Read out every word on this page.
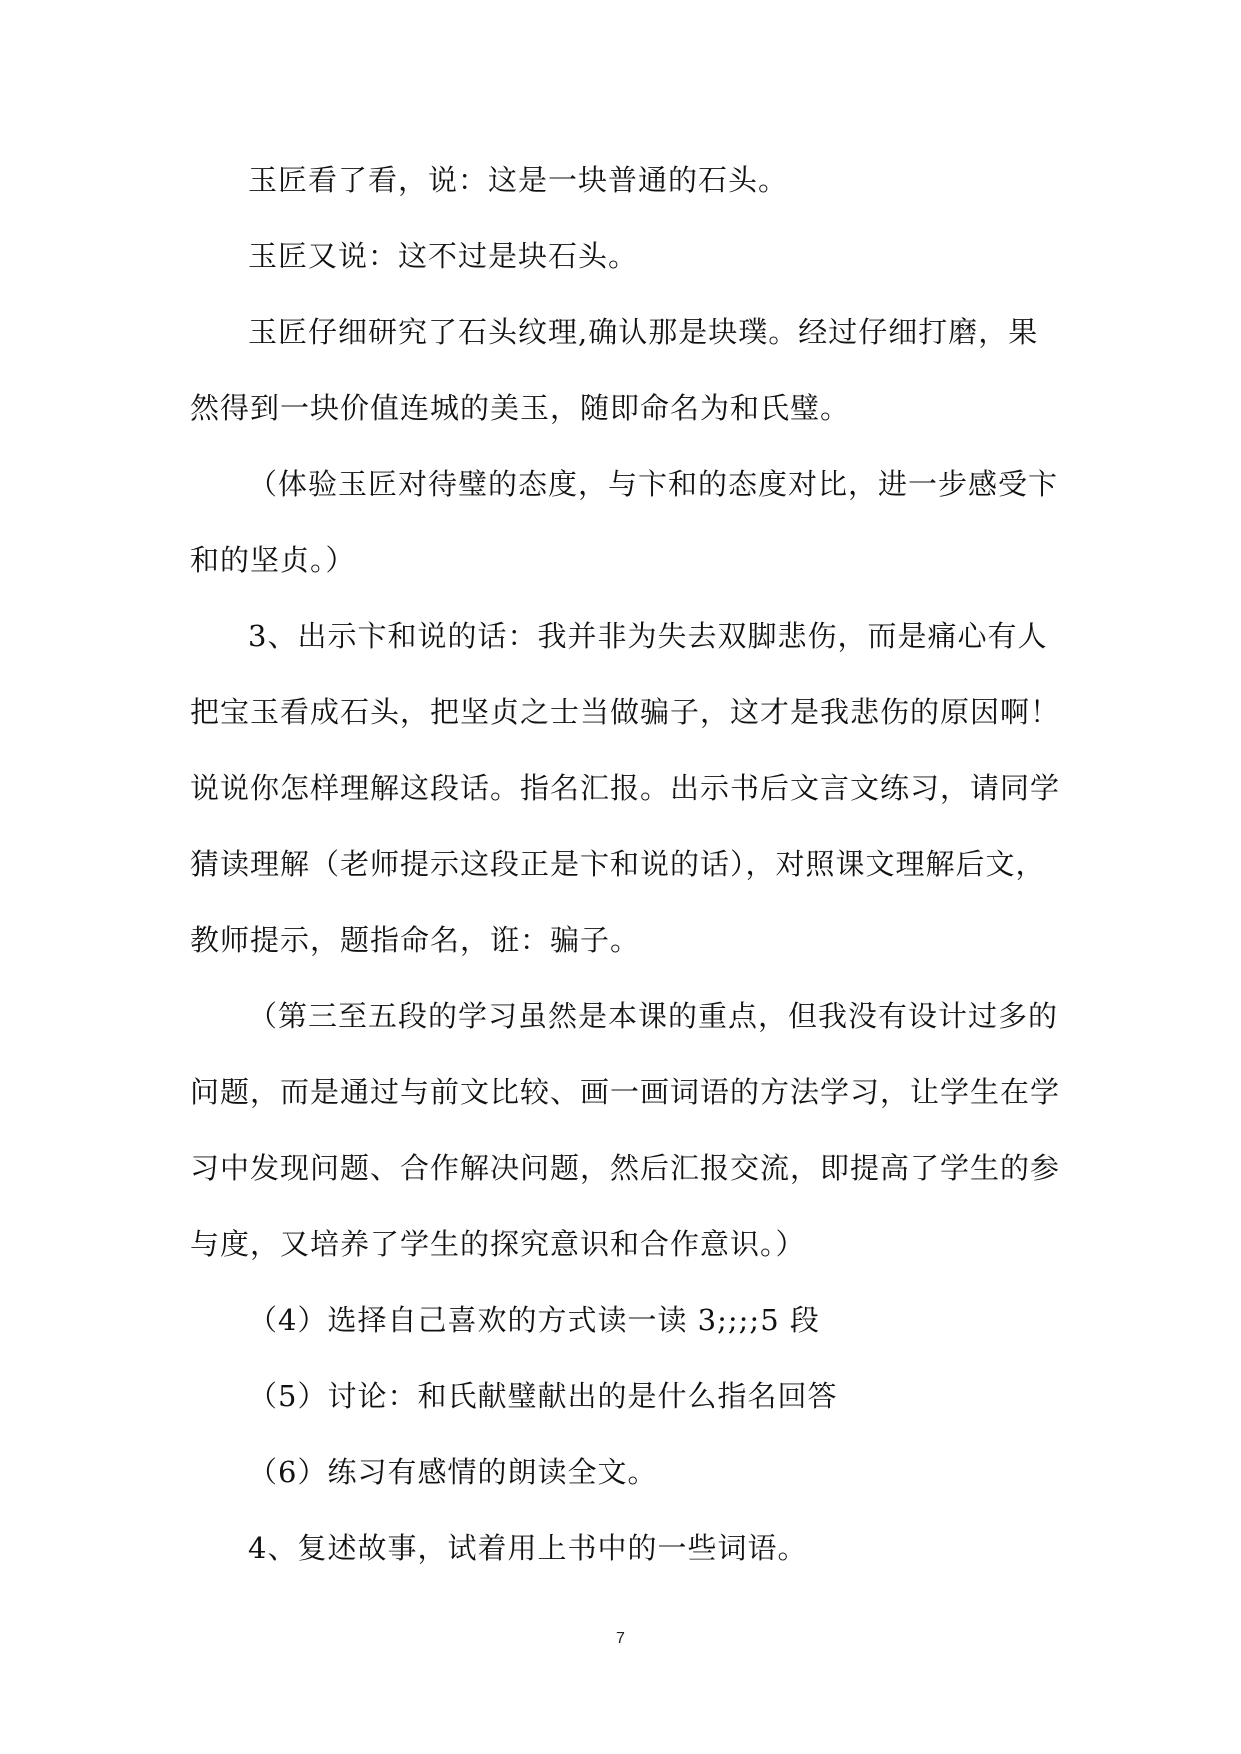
玉匠看了看，说：这是一块普通的石头。

玉匠又说：这不过是块石头。

玉匠仔细研究了石头纹理,确认那是块璞。经过仔细打磨，果然得到一块价值连城的美玉，随即命名为和氏璧。

（体验玉匠对待璧的态度，与卞和的态度对比，进一步感受卞和的坚贞。）

3、出示卞和说的话：我并非为失去双脚悲伤，而是痛心有人把宝玉看成石头，把坚贞之士当做骗子，这才是我悲伤的原因啊！说说你怎样理解这段话。指名汇报。出示书后文言文练习，请同学猜读理解（老师提示这段正是卞和说的话），对照课文理解后文，教师提示，题指命名，诳：骗子。

（第三至五段的学习虽然是本课的重点，但我没有设计过多的问题，而是通过与前文比较、画一画词语的方法学习，让学生在学习中发现问题、合作解决问题，然后汇报交流，即提高了学生的参与度，又培养了学生的探究意识和合作意识。）

（4）选择自己喜欢的方式读一读 3;;;;5 段

（5）讨论：和氏献璧献出的是什么指名回答

（6）练习有感情的朗读全文。

4、复述故事，试着用上书中的一些词语。

7
